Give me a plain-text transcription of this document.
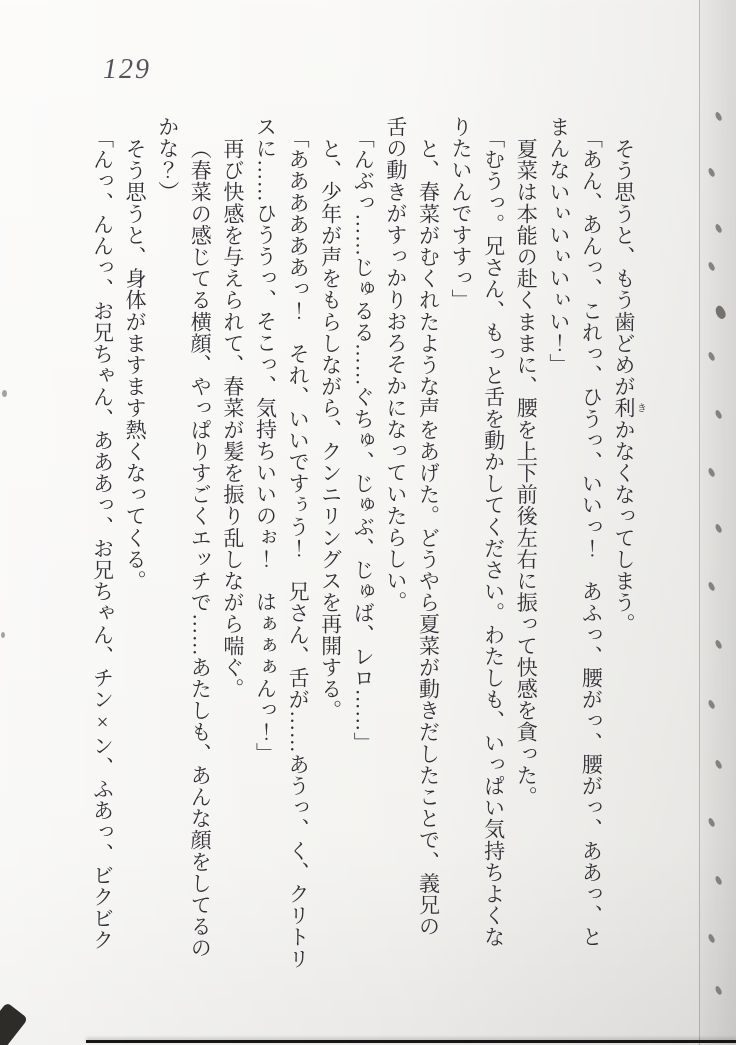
129
そう思うと、もう歯どめが利 きかなくなってしまう。
「あん、あんっ、これっ、ひうっ、いいっ！　あふっ、腰がっ、腰がっ、ああっ、と
まんないぃいぃいぃい！」
夏菜は本能の赴くままに、腰を上下前後左右に振って快感を貪った。
「むうっ。兄さん、もっと舌を動かしてください。わたしも、いっぱい気持ちよくな
りたいんですすっ」
と、春菜がむくれたような声をあげた。どうやら夏菜が動きだしたことで、義兄の
舌の動きがすっかりおろそかになっていたらしい。
「んぶっ……じゅるる……ぐちゅ、じゅぶ、じゅば、レロ……」
と、少年が声をもらしながら、クンニリングスを再開する。
「ああああああっ！　それ、いいですぅう！　兄さん、舌が……あうっ、く、クリトリ
スに……ひううっ、そこっ、気持ちいいのぉ！　はぁぁぁんっ！」
再び快感を与えられて、春菜が髪を振り乱しながら喘ぐ。
（春菜の感じてる横顔、やっぱりすごくエッチで……あたしも、あんな顔をしてるの
かな？）
そう思うと、身体がますます熱くなってくる。
「んっ、んんっ、お兄ちゃん、あああっ、お兄ちゃん、チン×ン、ふあっ、ビクビク
